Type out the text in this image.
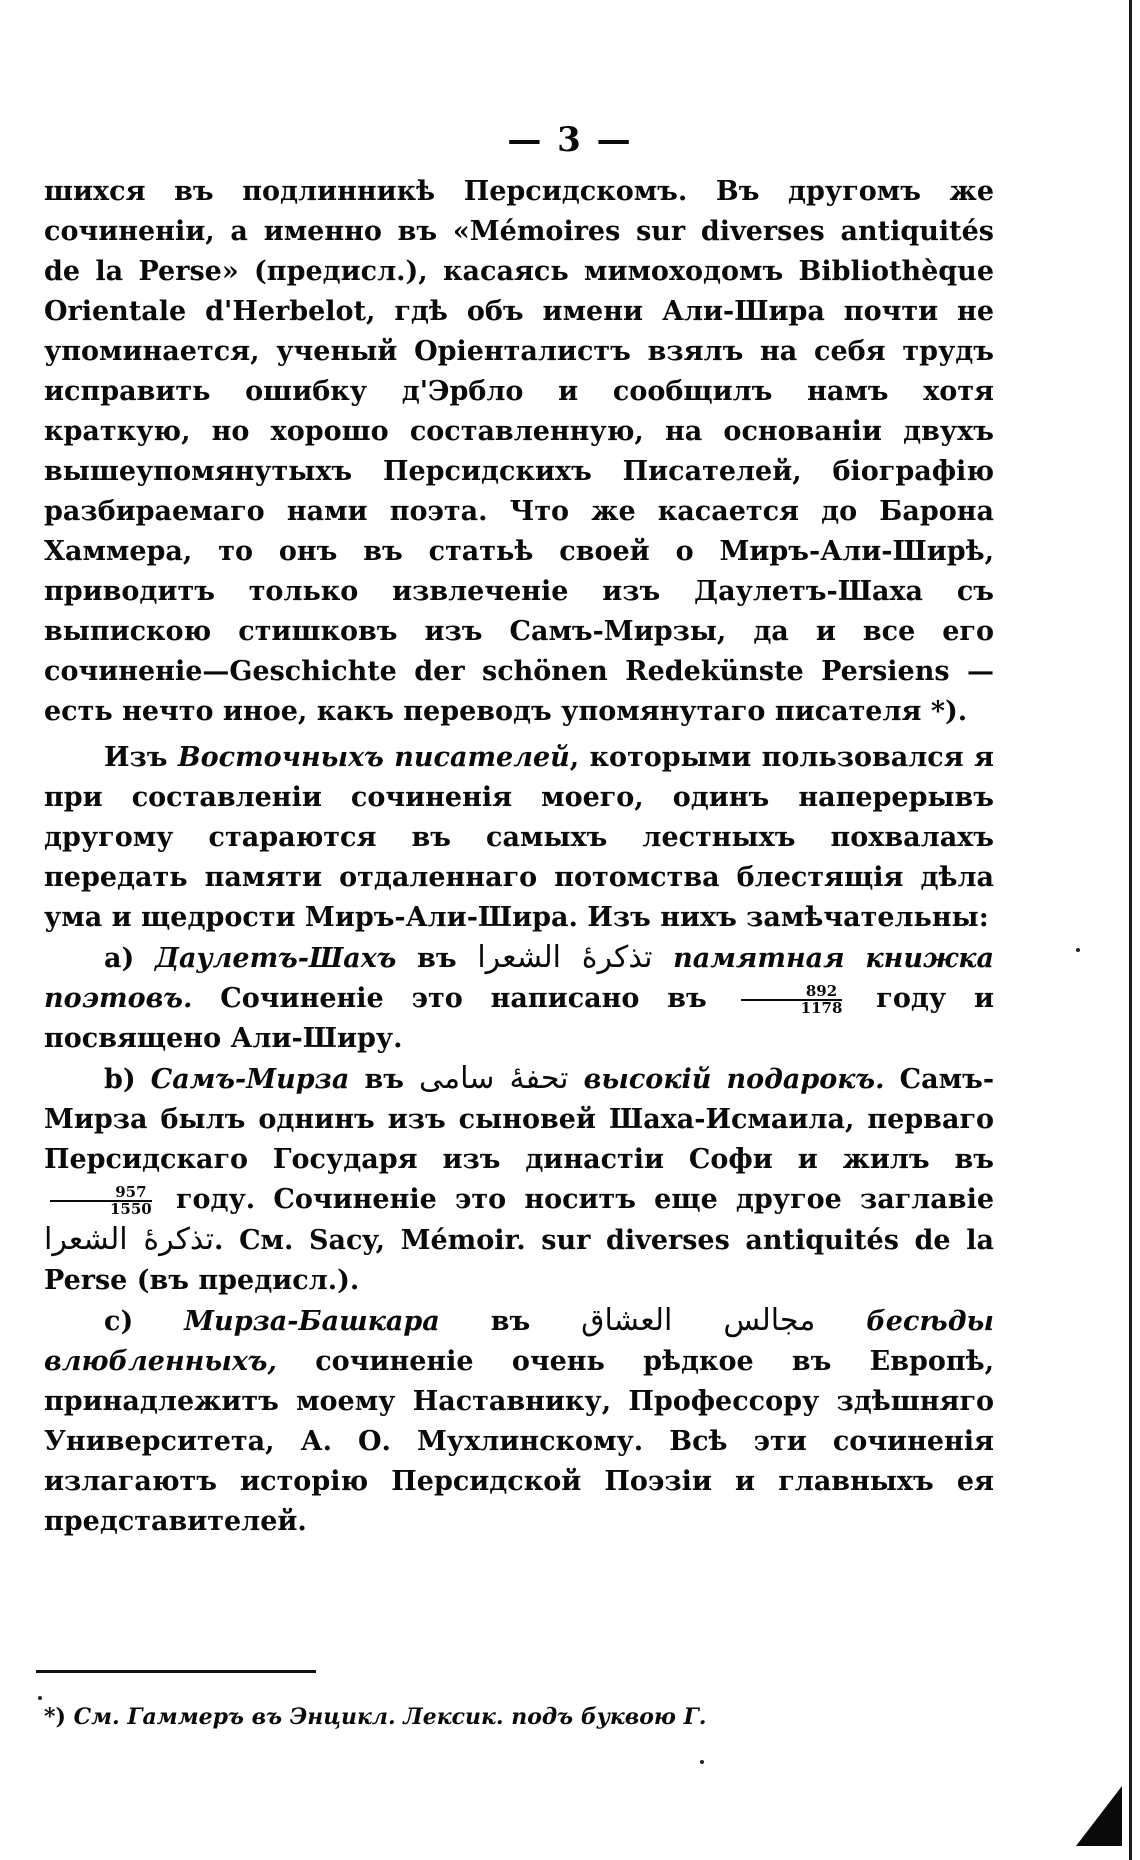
— 3 —

шихся въ подлинникѣ Персидскомъ. Въ другомъ же сочиненіи, а именно въ «Mémoires sur diverses antiquités de la Perse» (предисл.), касаясь мимоходомъ Bibliothèque Orientale d'Herbelot, гдѣ объ имени Али-Шира почти не упоминается, ученый Оріенталистъ взялъ на себя трудъ исправить ошибку д'Эрбло и сообщилъ намъ хотя краткую, но хорошо составленную, на основаніи двухъ вышеупомянутыхъ Персидскихъ Писателей, біографію разбираемаго нами поэта. Что же касается до Барона Хаммера, то онъ въ статьѣ своей о Миръ-Али-Ширѣ, приводитъ только извлеченіе изъ Даулетъ-Шаха съ выпискою стишковъ изъ Самъ-Мирзы, да и все его сочиненіе—Geschichte der schönen Redekünste Persiens — есть нечто иное, какъ переводъ упомянутаго писателя *).

Изъ Восточныхъ писателей, которыми пользовался я при составленіи сочиненія моего, одинъ наперерывъ другому стараются въ самыхъ лестныхъ похвалахъ передать памяти отдаленнаго потомства блестящія дѣла ума и щедрости Миръ-Али-Шира. Изъ нихъ замѣчательны:

a) Даулетъ-Шахъ въ تذکرۀ الشعرا памятная книжка поэтовъ. Сочиненіе это написано въ $\frac{892}{1178}$ году и посвящено Али-Ширу.

b) Самъ-Мирза въ تحفۀ سامی высокій подарокъ. Самъ-Мирза былъ однинъ изъ сыновей Шаха-Исмаила, перваго Персидскаго Государя изъ династіи Софи и жилъ въ
$\frac{957}{1550}$ году. Сочиненіе это носитъ еще другое заглавіе تذکرۀ الشعرا. См. Sacy, Mémoir. sur diverses antiquités de la Perse (въ предисл.).

c) Мирза-Башкара въ مجالس العشاق бесѣды влюбленныхъ, сочиненіе очень рѣдкое въ Европѣ, принадлежитъ моему Наставнику, Профессору здѣшняго Университета, А. О. Мухлинскому. Всѣ эти сочиненія излагаютъ исторію Персидской Поэзіи и главныхъ ея представителей.

*) См. Гаммеръ въ Энцикл. Лексик. подъ буквою Г.
